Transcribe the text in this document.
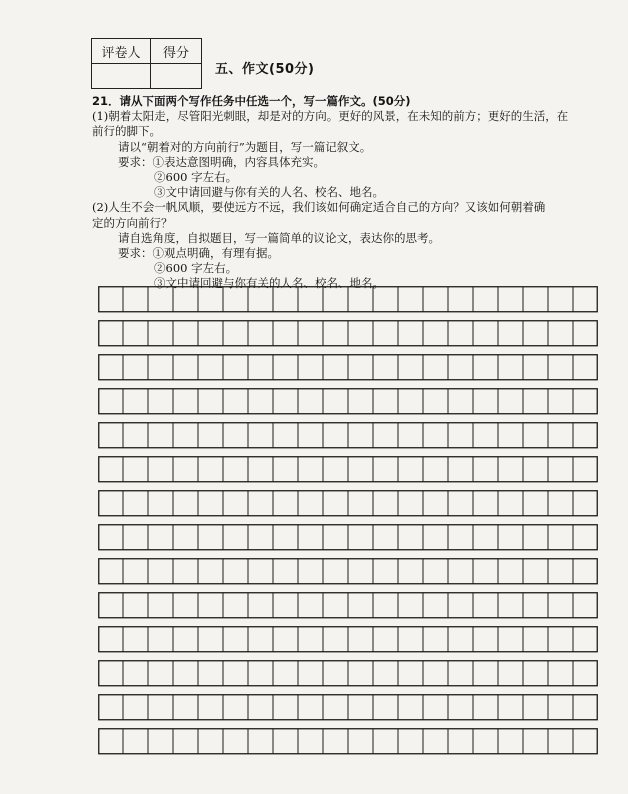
评卷人	得分

五、作文(50分)
21．请从下面两个写作任务中任选一个，写一篇作文。(50分)
(1)朝着太阳走，尽管阳光刺眼，却是对的方向。更好的风景，在未知的前方；更好的生活，在
前行的脚下。
请以“朝着对的方向前行”为题目，写一篇记叙文。
要求：①表达意图明确，内容具体充实。
②600 字左右。
③文中请回避与你有关的人名、校名、地名。
(2)人生不会一帆风顺，要使远方不远，我们该如何确定适合自己的方向？又该如何朝着确
定的方向前行？
请自选角度，自拟题目，写一篇简单的议论文，表达你的思考。
要求：①观点明确，有理有据。
②600 字左右。
③文中请回避与你有关的人名、校名、地名。
